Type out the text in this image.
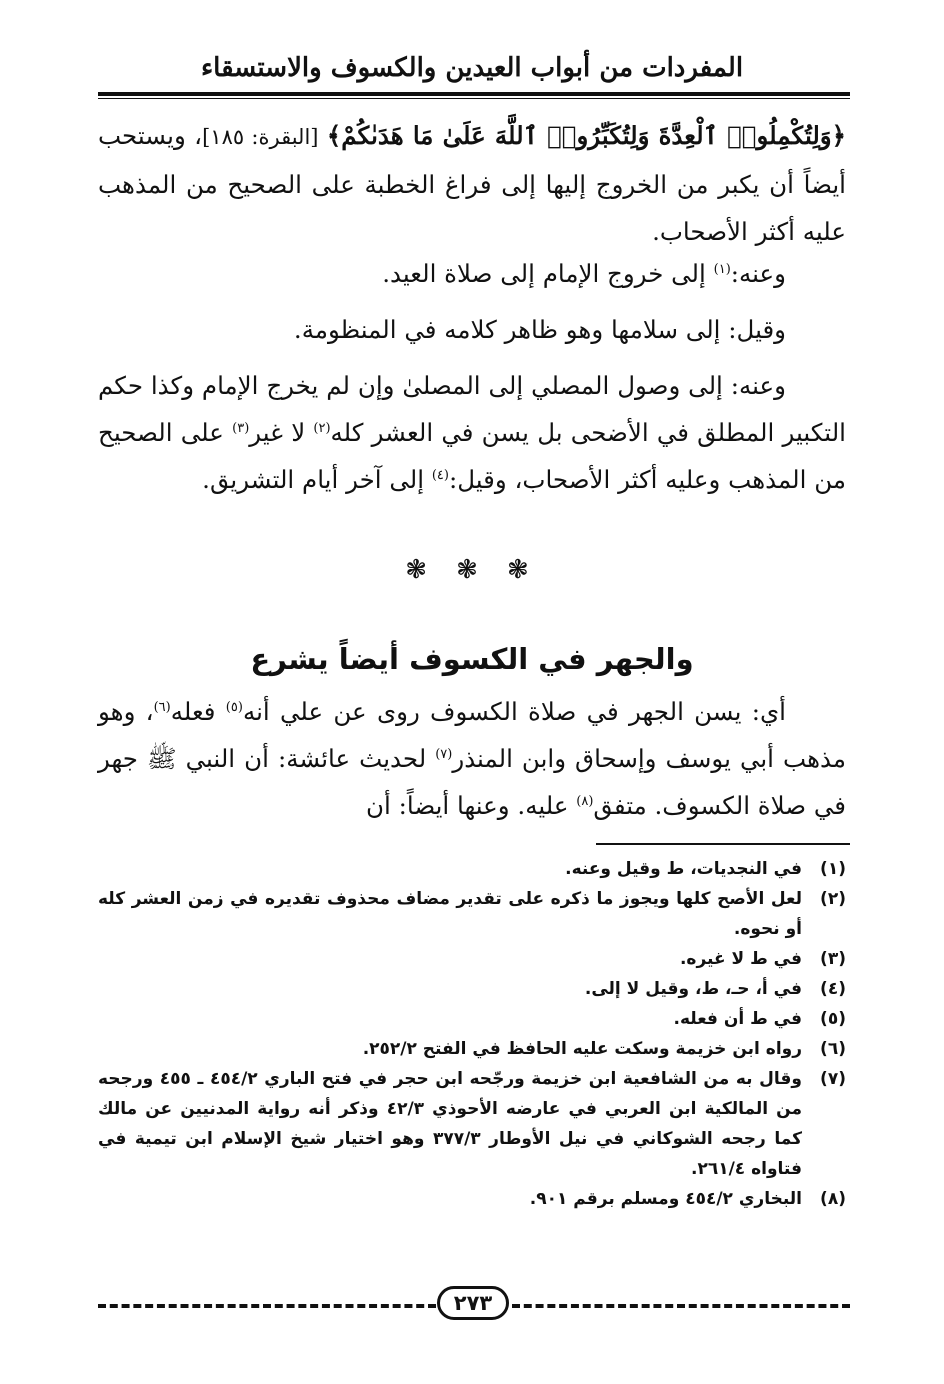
المفردات من أبواب العيدين والكسوف والاستسقاء

﴿وَلِتُكْمِلُوا۟ ٱلْعِدَّةَ وَلِتُكَبِّرُوا۟ ٱللَّهَ عَلَىٰ مَا هَدَىٰكُمْ﴾ [البقرة: ١٨٥]، ويستحب أيضاً أن يكبر من الخروج إليها إلى فراغ الخطبة على الصحيح من المذهب عليه أكثر الأصحاب.

وعنه:$^{(١)}$ إلى خروج الإمام إلى صلاة العيد.

وقيل: إلى سلامها وهو ظاهر كلامه في المنظومة.

وعنه: إلى وصول المصلي إلى المصلىٰ وإن لم يخرج الإمام وكذا حكم التكبير المطلق في الأضحى بل يسن في العشر كله$^{(٢)}$ لا غير$^{(٣)}$ على الصحيح من المذهب وعليه أكثر الأصحاب، وقيل:$^{(٤)}$ إلى آخر أيام التشريق.

❃ ❃ ❃
والجهر في الكسوف أيضاً يشرع

أي: يسن الجهر في صلاة الكسوف روى عن علي أنه$^{(٥)}$ فعله$^{(٦)}$، وهو مذهب أبي يوسف وإسحاق وابن المنذر$^{(٧)}$ لحديث عائشة: أن النبي ﷺ جهر في صلاة الكسوف. متفق$^{(٨)}$ عليه. وعنها أيضاً: أن

(١)
في النجديات، ط وقيل وعنه.
(٢)
لعل الأصح كلها ويجوز ما ذكره على تقدير مضاف محذوف تقديره في زمن العشر كله أو نحوه.
(٣)
في ط لا غيره.
(٤)
في أ، حـ، ط، وقيل لا إلى.
(٥)
في ط أن فعله.
(٦)
رواه ابن خزيمة وسكت عليه الحافظ في الفتح ٢٥٢/٢.
(٧)
وقال به من الشافعية ابن خزيمة ورجّحه ابن حجر في فتح الباري ٤٥٤/٢ ـ ٤٥٥ ورجحه من المالكية ابن العربي في عارضه الأحوذي ٤٢/٣ وذكر أنه رواية المدنيين عن مالك كما رجحه الشوكاني في نيل الأوطار ٣٧٧/٣ وهو اختيار شيخ الإسلام ابن تيمية في فتاواه ٢٦١/٤.
(٨)
البخاري ٤٥٤/٢ ومسلم برقم ٩٠١.
٢٧٣
